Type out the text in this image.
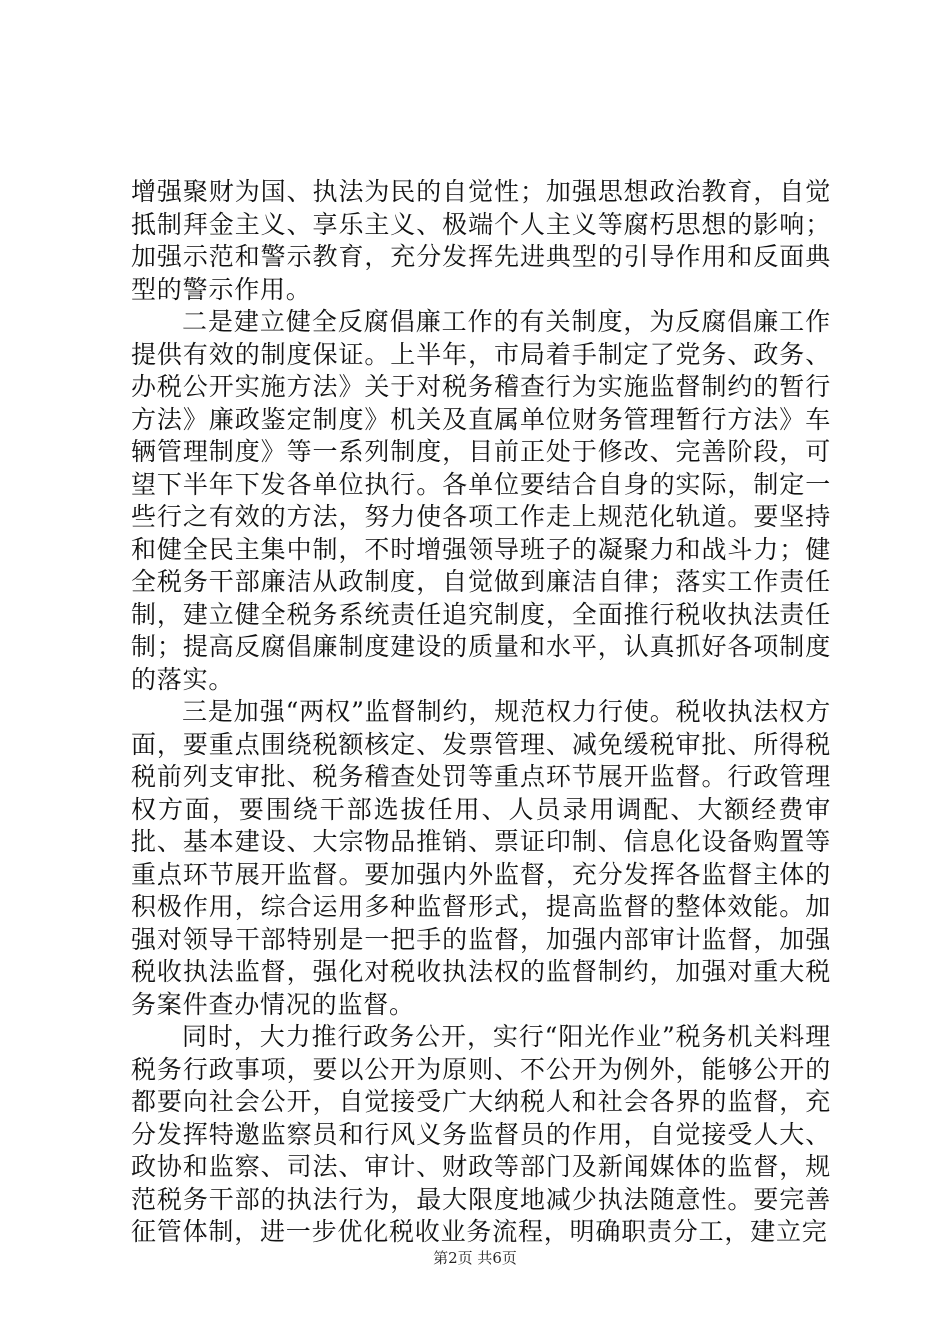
增强聚财为国、执法为民的自觉性；加强思想政治教育，自觉抵制拜金主义、享乐主义、极端个人主义等腐朽思想的影响；加强示范和警示教育，充分发挥先进典型的引导作用和反面典型的警示作用。

二是建立健全反腐倡廉工作的有关制度，为反腐倡廉工作提供有效的制度保证。上半年，市局着手制定了党务、政务、办税公开实施方法》关于对税务稽查行为实施监督制约的暂行方法》廉政鉴定制度》机关及直属单位财务管理暂行方法》车辆管理制度》等一系列制度，目前正处于修改、完善阶段，可望下半年下发各单位执行。各单位要结合自身的实际，制定一些行之有效的方法，努力使各项工作走上规范化轨道。要坚持和健全民主集中制，不时增强领导班子的凝聚力和战斗力；健全税务干部廉洁从政制度，自觉做到廉洁自律；落实工作责任制，建立健全税务系统责任追究制度，全面推行税收执法责任制；提高反腐倡廉制度建设的质量和水平，认真抓好各项制度的落实。

三是加强“两权”监督制约，规范权力行使。税收执法权方面，要重点围绕税额核定、发票管理、减免缓税审批、所得税税前列支审批、税务稽查处罚等重点环节展开监督。行政管理权方面，要围绕干部选拔任用、人员录用调配、大额经费审批、基本建设、大宗物品推销、票证印制、信息化设备购置等重点环节展开监督。要加强内外监督，充分发挥各监督主体的积极作用，综合运用多种监督形式，提高监督的整体效能。加强对领导干部特别是一把手的监督，加强内部审计监督，加强税收执法监督，强化对税收执法权的监督制约，加强对重大税务案件查办情况的监督。

同时，大力推行政务公开，实行“阳光作业”税务机关料理税务行政事项，要以公开为原则、不公开为例外，能够公开的都要向社会公开，自觉接受广大纳税人和社会各界的监督，充分发挥特邀监察员和行风义务监督员的作用，自觉接受人大、政协和监察、司法、审计、财政等部门及新闻媒体的监督，规范税务干部的执法行为，最大限度地减少执法随意性。要完善征管体制，进一步优化税收业务流程，明确职责分工，建立完

第2页 共6页
